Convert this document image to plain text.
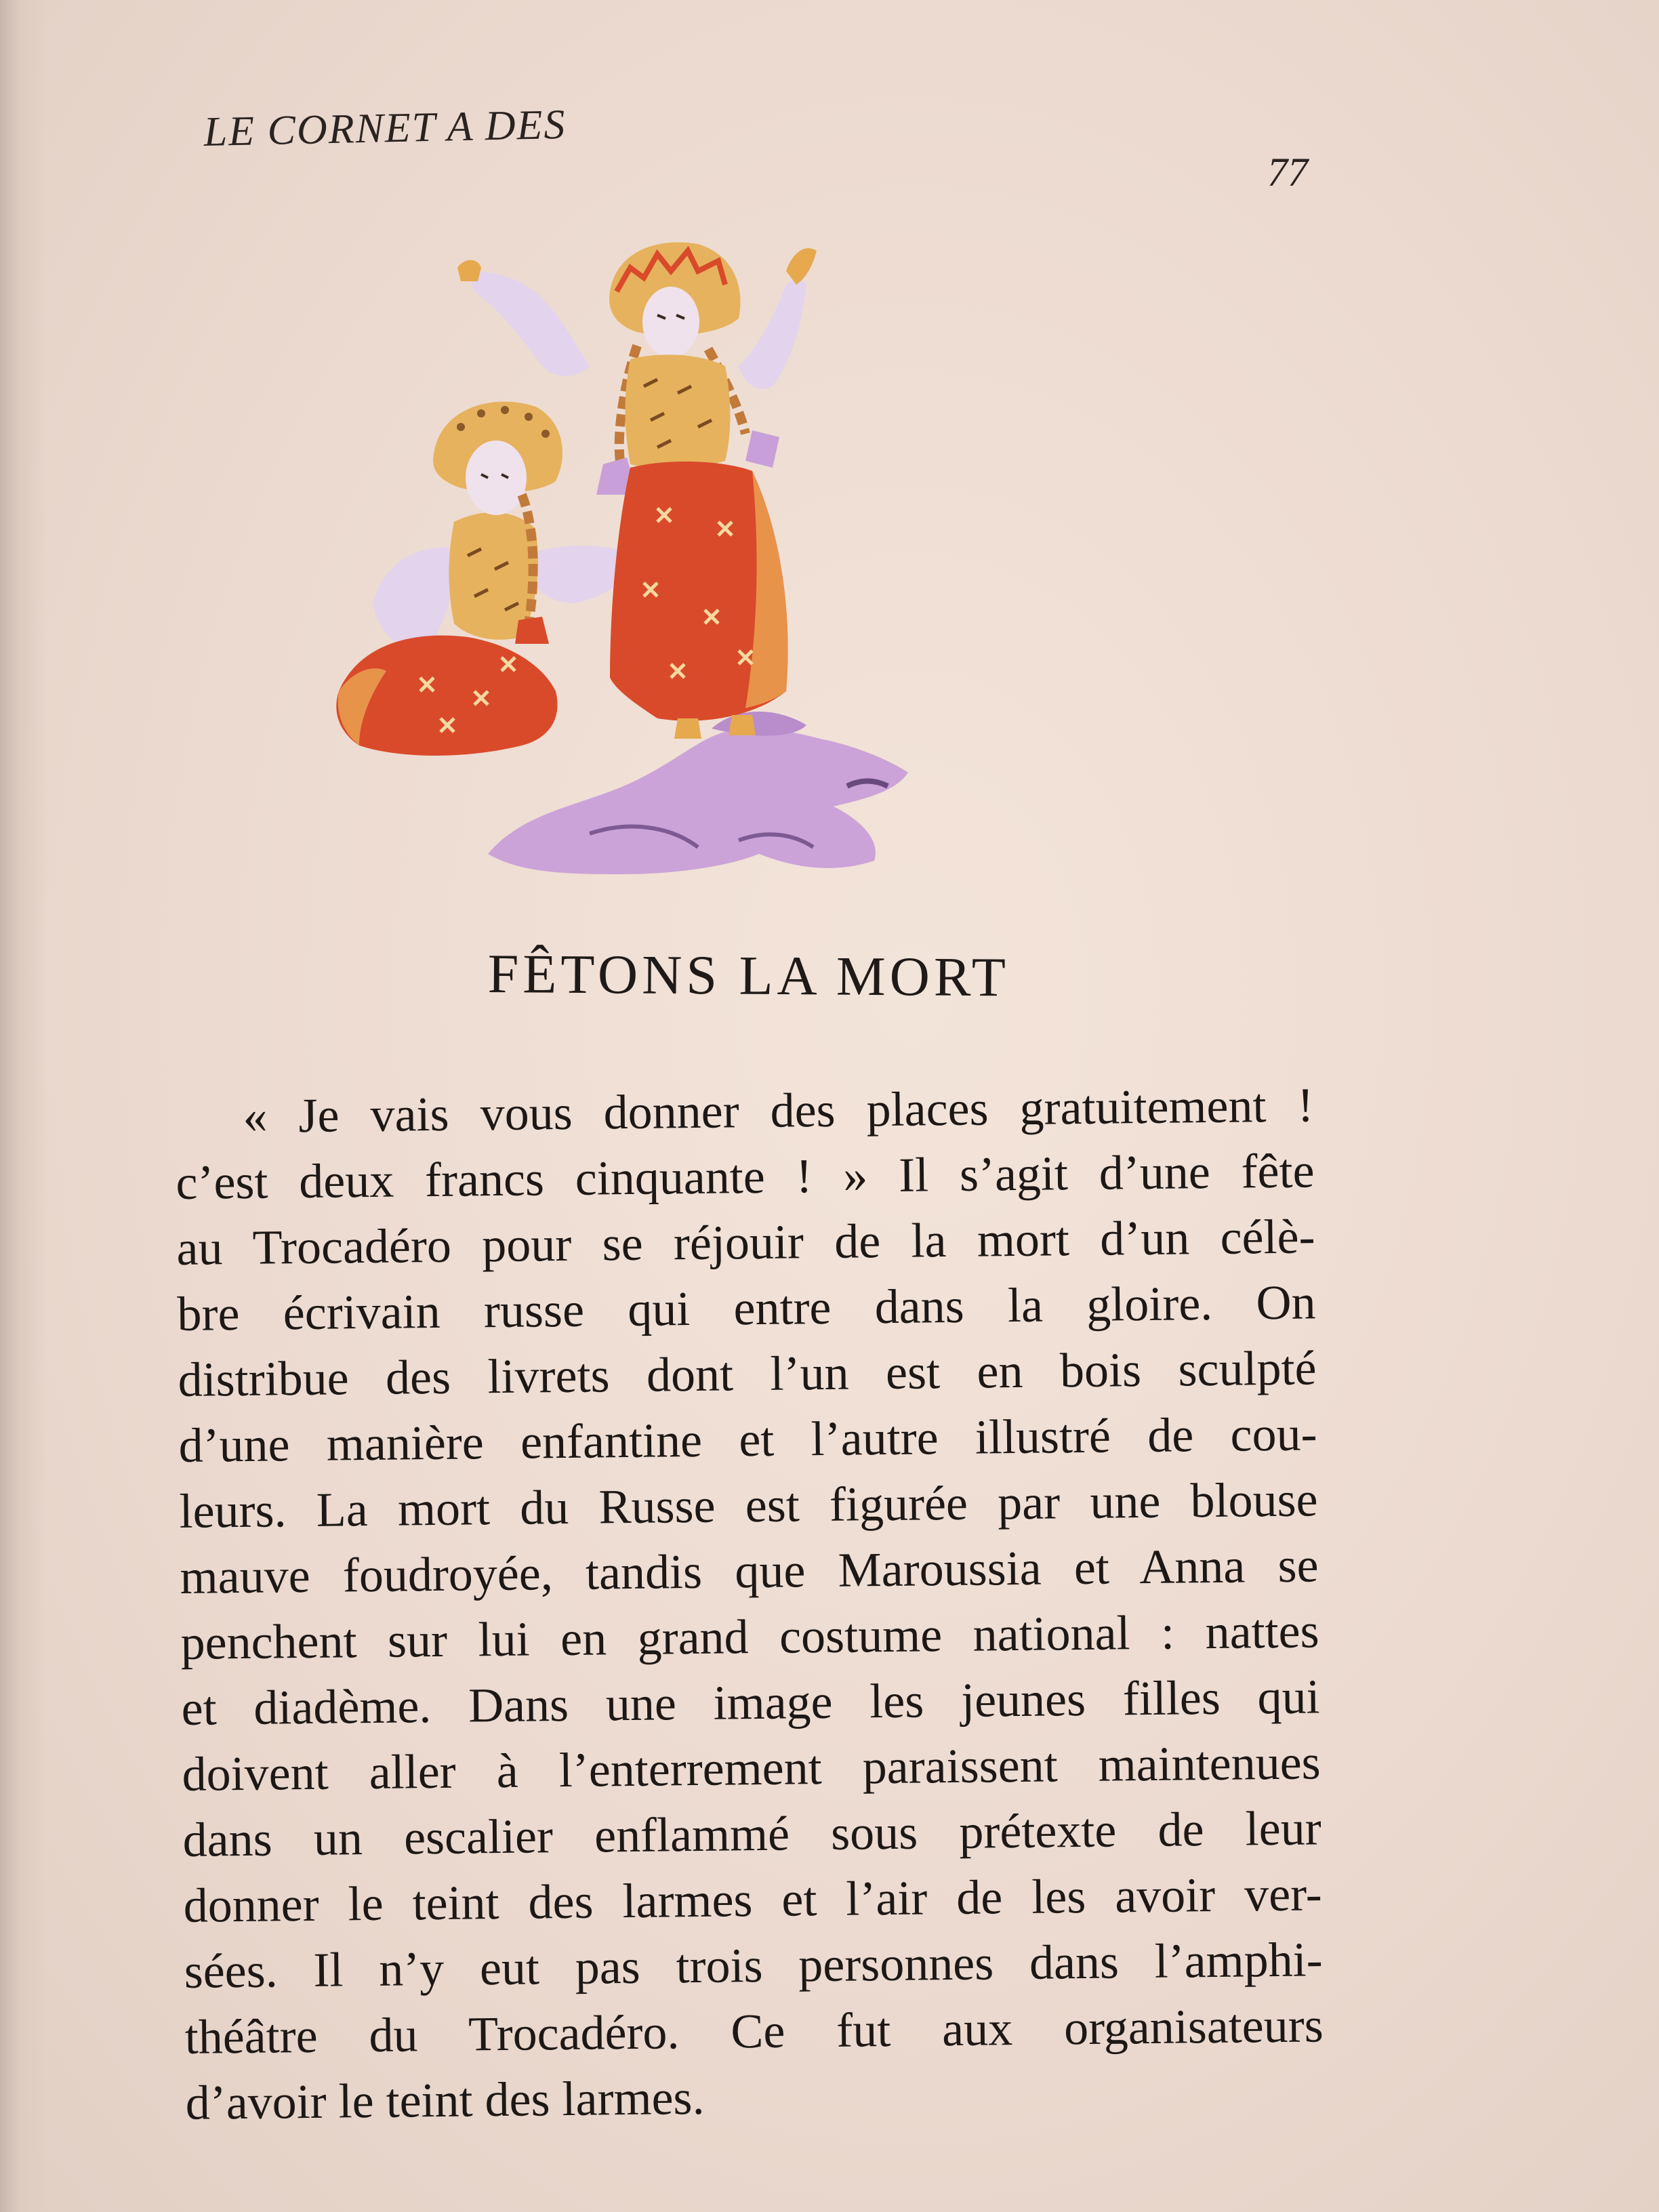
LE CORNET A DES
77
FÊTONS LA MORT
« Je vais vous donner des places gratuitement !
c’est deux francs cinquante ! » Il s’agit d’une fête
au Trocadéro pour se réjouir de la mort d’un célè-
bre écrivain russe qui entre dans la gloire. On
distribue des livrets dont l’un est en bois sculpté
d’une manière enfantine et l’autre illustré de cou-
leurs. La mort du Russe est figurée par une blouse
mauve foudroyée, tandis que Maroussia et Anna se
penchent sur lui en grand costume national : nattes
et diadème. Dans une image les jeunes filles qui
doivent aller à l’enterrement paraissent maintenues
dans un escalier enflammé sous prétexte de leur
donner le teint des larmes et l’air de les avoir ver-
sées. Il n’y eut pas trois personnes dans l’amphi-
théâtre du Trocadéro. Ce fut aux organisateurs
d’avoir le teint des larmes.
